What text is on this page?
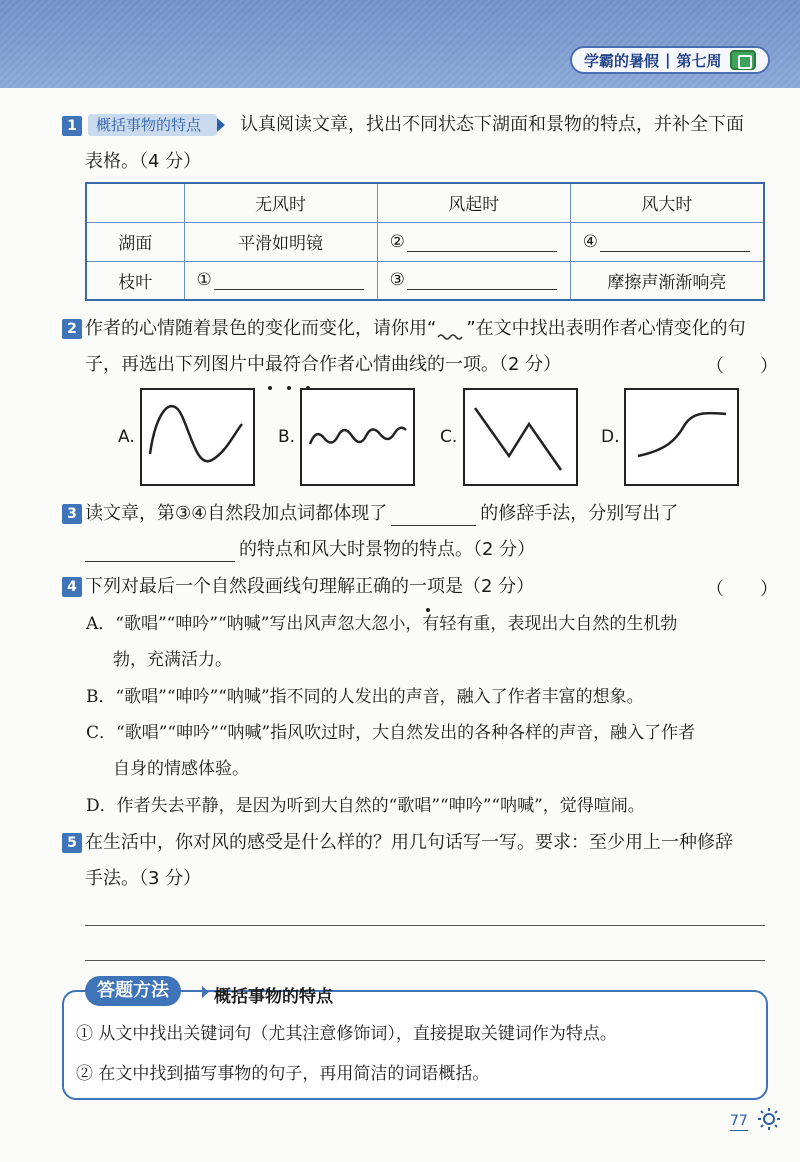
学霸的暑假 | 第七周
1	概括事物的特点	认真阅读文章，找出不同状态下湖面和景物的特点，并补全下面
表格。（4 分）
	无风时	风起时	风大时
湖面	平滑如明镜	②	④

枝叶	①	③	摩擦声渐渐响亮
2 作者的心情随着景色的变化而变化，请你用“ ”在文中找出表明作者心情变化的句
子，再选出下列图片中最符合作者心情曲线的一项。（2 分）	（　　）
A.	B.	C.	D.
3 读文章，第③④自然段加点词都体现了	的修辞手法，分别写出了
的特点和风大时景物的特点。（2 分）
4 下列对最后一个自然段画线句理解正确的一项是（2 分）	（　　）
A．“歌唱”“呻吟”“呐喊”写出风声忽大忽小，有轻有重，表现出大自然的生机勃
勃，充满活力。
B．“歌唱”“呻吟”“呐喊”指不同的人发出的声音，融入了作者丰富的想象。
C．“歌唱”“呻吟”“呐喊”指风吹过时，大自然发出的各种各样的声音，融入了作者
自身的情感体验。
D．作者失去平静，是因为听到大自然的“歌唱”“呻吟”“呐喊”，觉得喧闹。
5 在生活中，你对风的感受是什么样的？用几句话写一写。要求：至少用上一种修辞
手法。（3 分）
答题方法	概括事物的特点
① 从文中找出关键词句（尤其注意修饰词），直接提取关键词作为特点。
② 在文中找到描写事物的句子，再用简洁的词语概括。
77
